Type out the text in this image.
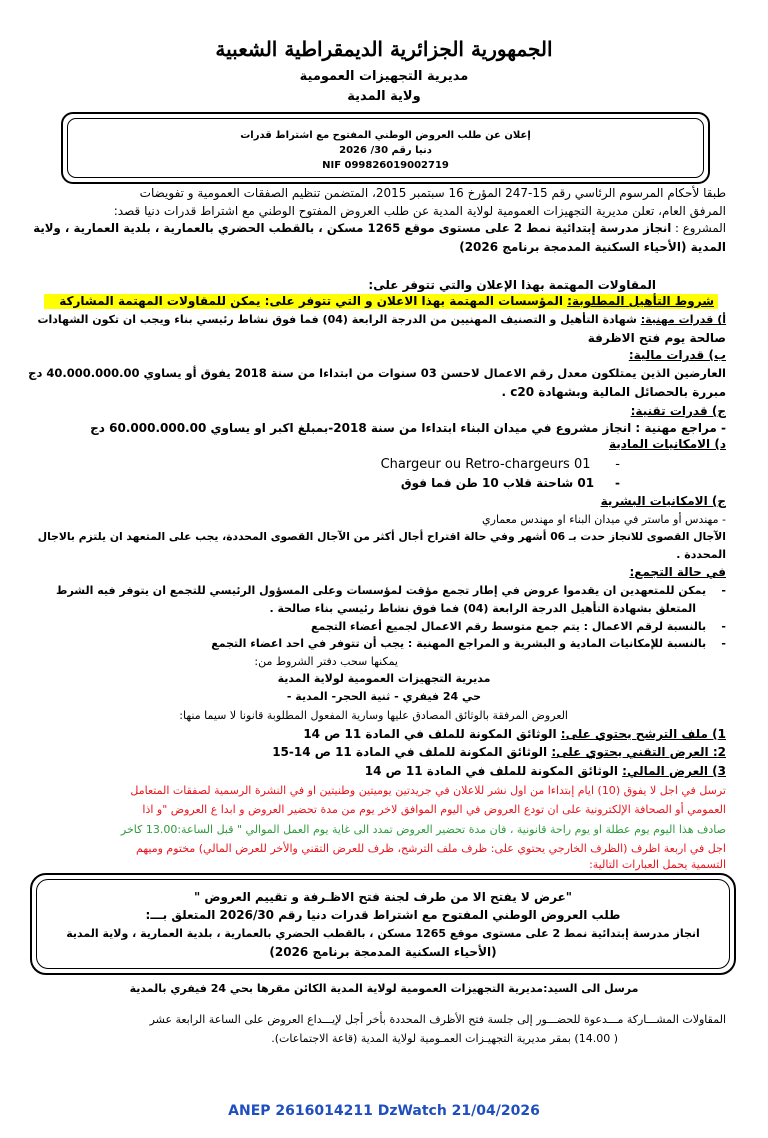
الجمهورية الجزائرية الديمقراطية الشعبية
مديرية التجهيزات العمومية
ولاية المدية
إعلان عن طلب العروض الوطني المفتوح مع اشتراط قدرات
دنيا رقم 30/ 2026
NIF 099826019002719
طبقا لأحكام المرسوم الرئاسي رقم 15-247 المؤرخ 16 سبتمبر 2015، المتضمن تنظيم الصفقات العمومية و تفويضات
المرفق العام، تعلن مديرية التجهيزات العمومية لولاية المدية عن طلب العروض المفتوح الوطني مع اشتراط قدرات دنيا قصد:
المشروع : انجاز مدرسة إبتدائية نمط 2 على مستوى موقع 1265 مسكن ، بالقطب الحضري بالعمارية ، بلدية العمارية ، ولاية
المدية (الأحياء السكنية المدمجة برنامج 2026)
المقاولات المهتمة بهذا الإعلان والتي تتوفر على:
شروط التأهيل المطلوبة: المؤسسات المهتمة بهذا الاعلان و التي تتوفر على: يمكن للمقاولات المهتمة المشاركة
أ) قدرات مهنية: شهادة التأهيل و التصنيف المهنيين من الدرجة الرابعة (04) فما فوق نشاط رئيسي بناء ويجب ان تكون الشهادات
صالحة يوم فتح الاظرفة
ب) قدرات مالية:
العارضين الذين يمتلكون معدل رقم الاعمال لاحسن 03 سنوات من ابتداءا من سنة 2018 يفوق أو يساوي 40.000.000.00 دج
مبررة بالحصائل المالية وبشهادة c20 .
ج) قدرات تقنية:
- مراجع مهنية : انجاز مشروع في ميدان البناء ابتداءا من سنة 2018-بمبلغ اكبر او يساوي 60.000.000.00 دج
د) الامكانيات المادية
-      Chargeur ou Retro-chargeurs 01
-     01 شاحنة قلاب 10 طن فما فوق
ج) الامكانيات البشرية
- مهندس أو ماستر في ميدان البناء او مهندس معماري
الآجال القصوى للانجاز حدت بـ 06 أشهر وفي حالة اقتراح أجال أكثر من الآجال القصوى المحددة، يجب على المتعهد ان يلتزم بالاجال
المحددة .
في حالة التجمع:
-    يمكن للمتعهدين ان يقدموا عروض في إطار تجمع مؤقت لمؤسسات وعلى المسؤول الرئيسي للتجمع ان يتوفر فيه الشرط
المتعلق بشهادة التأهيل الدرجة الرابعة (04) فما فوق نشاط رئيسي بناء صالحة .
-    بالنسبة لرقم الاعمال : يتم جمع متوسط رقم الاعمال لجميع أعضاء التجمع
-    بالنسبة للإمكانيات المادية و البشرية و المراجع المهنية : يجب أن تتوفر في احد اعضاء التجمع
يمكنها سحب دفتر الشروط من:
مديرية التجهيزات العمومية لولاية المدية
حي 24 فيفري - ثنية الحجر- المدية -
العروض المرفقة بالوثائق المصادق عليها وسارية المفعول المطلوبة قانونا لا سيما منها:
1) ملف الترشح يحتوي على: الوثائق المكونة للملف في المادة 11 ص 14
2: العرض التقني يحتوي على: الوثائق المكونة للملف في المادة 11 ص 14-15
3) العرض المالي: الوثائق المكونة للملف في المادة 11 ص 14
ترسل في اجل لا يفوق (10) ايام إبتداءا من اول نشر للاعلان في جريدتين يوميتين وطنيتين او في النشرة الرسمية لصفقات المتعامل
العمومي أو الصحافة الإلكترونية على ان تودع العروض في اليوم الموافق لاخر يوم من مدة تحضير العروض و ابدا ع العروض "و اذا
صادف هذا اليوم يوم عطلة او يوم راحة قانونية ، فان مدة تحضير العروض تمدد الى غاية يوم العمل الموالي " قبل الساعة:13.00 كاخر
اجل في اربعة اظرف (الظرف الخارجي يحتوي على: ظرف ملف الترشح، ظرف للعرض التقني والأخر للعرض المالي) مختوم وميهم
التسمية يحمل العبارات التالية:
"عرض لا يفتح الا من طرف لجنة فتح الاظـرفة و تقييم العروض "
طلب العروض الوطني المفتوح مع اشتراط قدرات دنيا رقم 2026/30 المتعلق بـــ:
انجاز مدرسة إبتدائية نمط 2 على مستوى موقع 1265 مسكن ، بالقطب الحضري بالعمارية ، بلدية العمارية ، ولاية المدية
(الأحياء السكنية المدمجة برنامج 2026)
مرسل الى السيد:مديرية التجهيزات العمومية لولاية المدية الكائن مقرها بحي 24 فيفري بالمدية
المقاولات المشـــاركة مـــدعوة للحضـــور إلى جلسة فتح الأظرف المحددة بأخر أجل لإيـــداع العروض على الساعة الرابعة عشر
( 14.00) بمقر مديرية التجهيـزات العمـومية لولاية المدية (قاعة الاجتماعات).
ANEP 2616014211 DzWatch 21/04/2026
